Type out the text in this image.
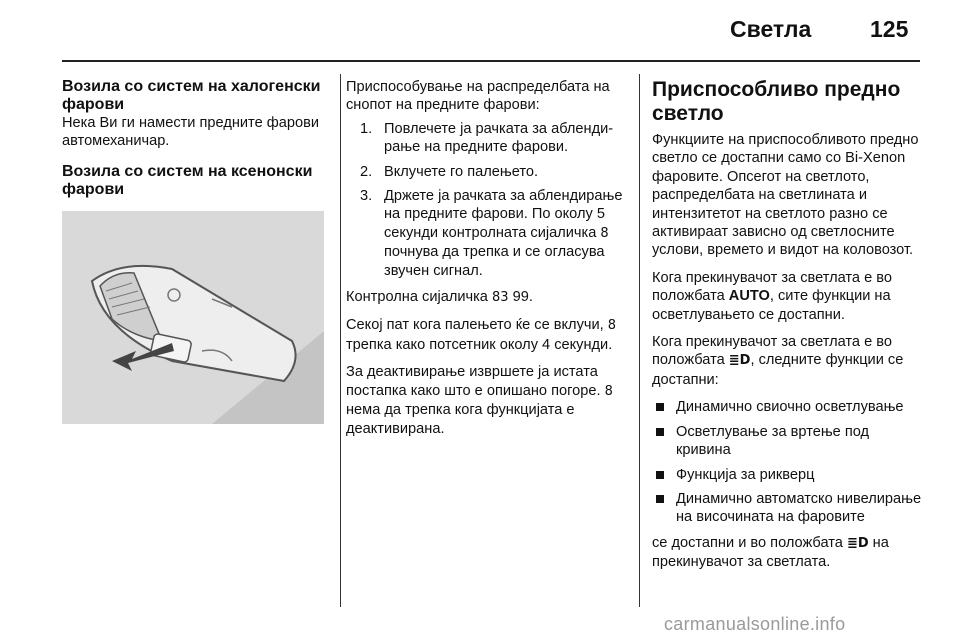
Светла	125
Возила со систем на халогенски фарови

Нека Ви ги намести предните фарови автомеханичар.

Возила со систем на ксенонски фарови

Приспособување на распределбата на снопот на предните фарови:

1. Повлечете ја рачката за аблендирање на предните фарови.
2. Вклучете го палењето.
3. Држете ја рачката за аблендирање на предните фарови. По околу 5 секунди контролната сијаличка 8 почнува да трепка и се огласува звучен сигнал.

Контролна сијаличка 83 99.

Секој пат кога палењето ќе се вклучи, 8 трепка како потсетник околу 4 секунди.

За деактивирање извршете ја истата постапка како што е опишано погоре. 8 нема да трепка кога функцијата е деактивирана.

Приспособливо предно светло

Функциите на приспособливото предно светло се достапни само со Bi-Xenon фаровите. Опсегот на светлото, распределбата на светлината и интензитетот на светлото разно се активираат зависно од светлосните услови, времето и видот на коловозот.

Кога прекинувачот за светлата е во положбата AUTO, сите функции на осветлувањето се достапни.

Кога прекинувачот за светлата е во положбата ≣D, следните функции се достапни:

Динамично свиочно осветлување
Осветлување за вртење под кривина
Функција за рикверц
Динамично автоматско нивелирање на височината на фаровите

се достапни и во положбата ≣D на прекинувачот за светлата.

carmanualsonline.info
